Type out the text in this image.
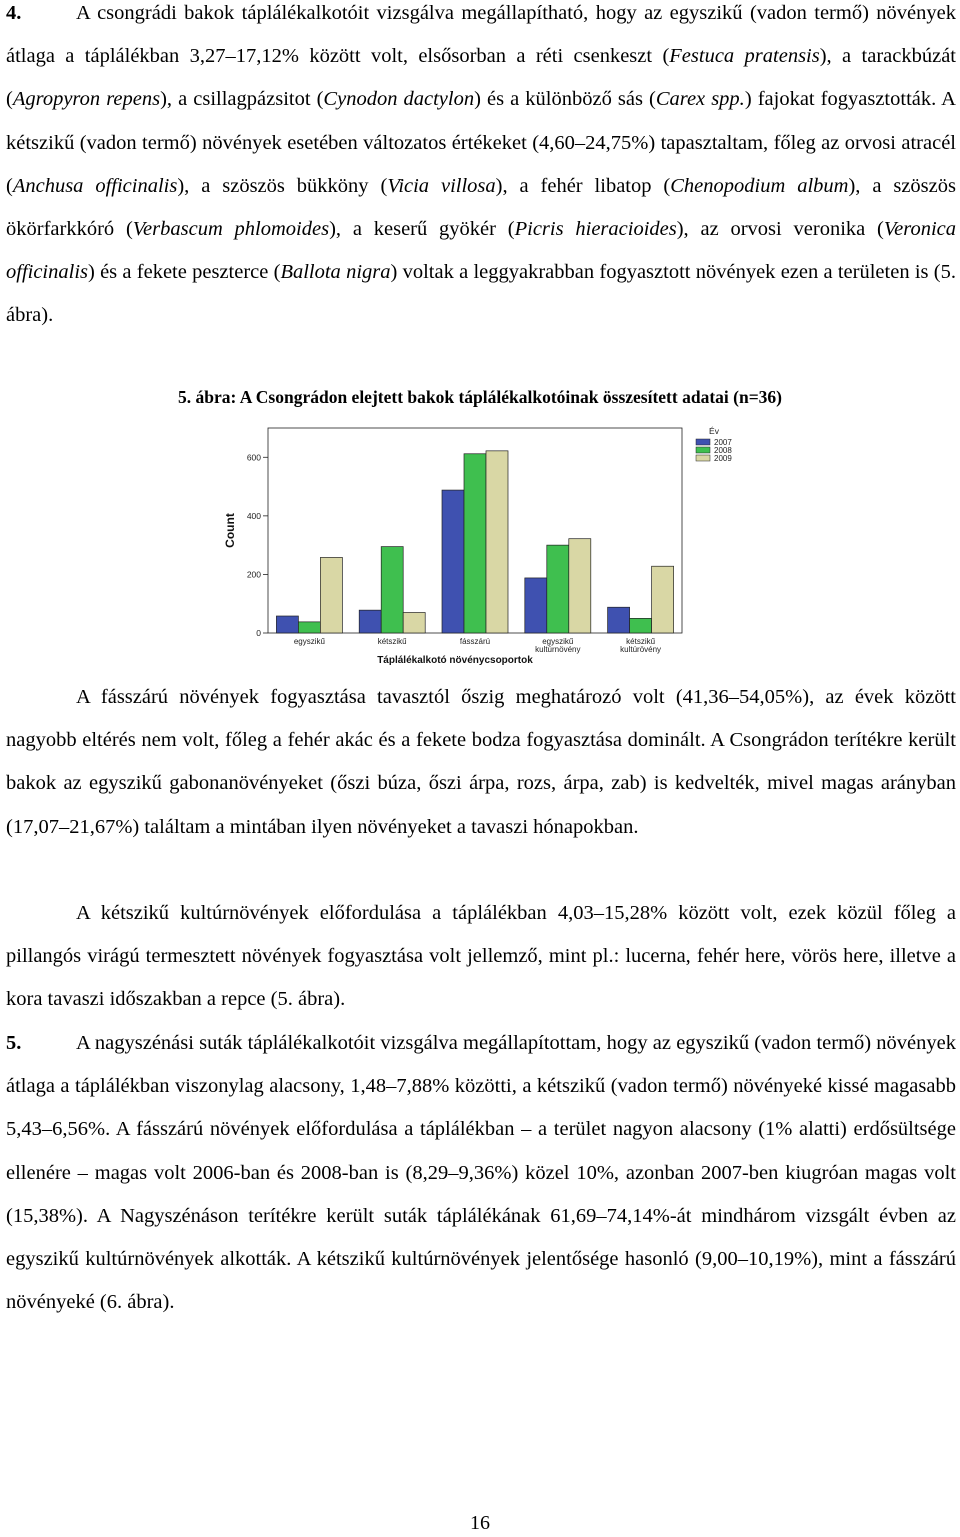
4.	A csongrádi bakok táplálékalkotóit vizsgálva megállapítható, hogy az egyszikű (vadon termő) növények átlaga a táplálékban 3,27–17,12% között volt, elsősorban a réti csenkeszt (Festuca pratensis), a tarackbúzát (Agropyron repens), a csillagpázsitot (Cynodon dactylon) és a különböző sás (Carex spp.) fajokat fogyasztották. A kétszikű (vadon termő) növények esetében változatos értékeket (4,60–24,75%) tapasztaltam, főleg az orvosi atracél (Anchusa officinalis), a szöszös bükköny (Vicia villosa), a fehér libatop (Chenopodium album), a szöszös ökörfarkkóró (Verbascum phlomoides), a keserű gyökér (Picris hieracioides), az orvosi veronika (Veronica officinalis) és a fekete peszterce (Ballota nigra) voltak a leggyakrabban fogyasztott növények ezen a területen is (5. ábra).

5. ábra: A Csongrádon elejtett bakok táplálékalkotóinak összesített adatai (n=36)
0
200
400
600
Count
egyszikű	kétszikű	fásszárú	egyszikű
kultúrnövény
kétszikű
kultúrövény
Táplálékalkotó növénycsoportok
Év
2007
2008
2009

A fásszárú növények fogyasztása tavasztól őszig meghatározó volt (41,36–54,05%), az évek között nagyobb eltérés nem volt, főleg a fehér akác és a fekete bodza fogyasztása dominált. A Csongrádon terítékre került bakok az egyszikű gabonanövényeket (őszi búza, őszi árpa, rozs, árpa, zab) is kedvelték, mivel magas arányban (17,07–21,67%) találtam a mintában ilyen növényeket a tavaszi hónapokban.

A kétszikű kultúrnövények előfordulása a táplálékban 4,03–15,28% között volt, ezek közül főleg a pillangós virágú termesztett növények fogyasztása volt jellemző, mint pl.: lucerna, fehér here, vörös here, illetve a kora tavaszi időszakban a repce (5. ábra).

5.	A nagyszénási suták táplálékalkotóit vizsgálva megállapítottam, hogy az egyszikű (vadon termő) növények átlaga a táplálékban viszonylag alacsony, 1,48–7,88% közötti, a kétszikű (vadon termő) növényeké kissé magasabb 5,43–6,56%. A fásszárú növények előfordulása a táplálékban – a terület nagyon alacsony (1% alatti) erdősültsége ellenére – magas volt 2006-ban és 2008-ban is (8,29–9,36%) közel 10%, azonban 2007-ben kiugróan magas volt (15,38%). A Nagyszénáson terítékre került suták táplálékának 61,69–74,14%-át mindhárom vizsgált évben az egyszikű kultúrnövények alkották. A kétszikű kultúrnövények jelentősége hasonló (9,00–10,19%), mint a fásszárú növényeké (6. ábra).

16
